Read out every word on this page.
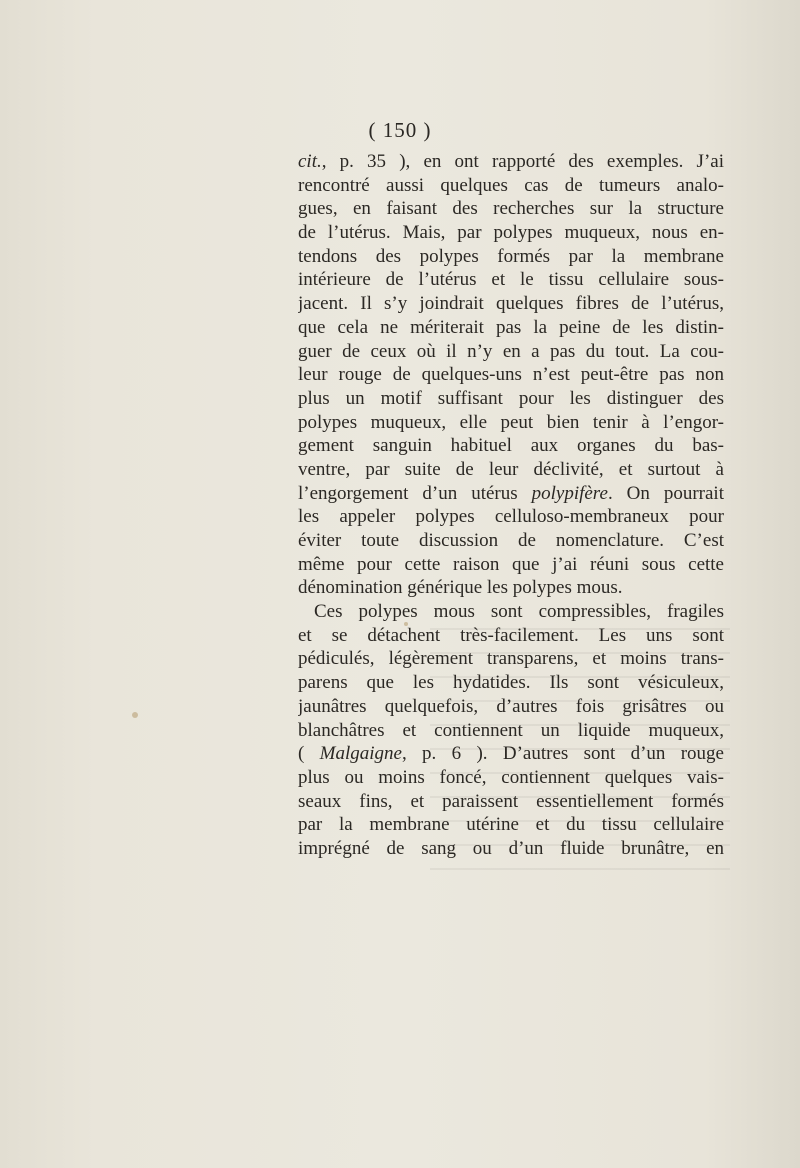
( 150 )
cit., p. 35 ), en ont rapporté des exemples. J’ai
rencontré aussi quelques cas de tumeurs analo-
gues, en faisant des recherches sur la structure
de l’utérus. Mais, par polypes muqueux, nous en-
tendons des polypes formés par la membrane
intérieure de l’utérus et le tissu cellulaire sous-
jacent. Il s’y joindrait quelques fibres de l’utérus,
que cela ne mériterait pas la peine de les distin-
guer de ceux où il n’y en a pas du tout. La cou-
leur rouge de quelques-uns n’est peut-être pas non
plus un motif suffisant pour les distinguer des
polypes muqueux, elle peut bien tenir à l’engor-
gement sanguin habituel aux organes du bas-
ventre, par suite de leur déclivité, et surtout à
l’engorgement d’un utérus polypifère. On pourrait
les appeler polypes celluloso-membraneux pour
éviter toute discussion de nomenclature. C’est
même pour cette raison que j’ai réuni sous cette
dénomination générique les polypes mous.
Ces polypes mous sont compressibles, fragiles
et se détachent très-facilement. Les uns sont
pédiculés, légèrement transparens, et moins trans-
parens que les hydatides. Ils sont vésiculeux,
jaunâtres quelquefois, d’autres fois grisâtres ou
blanchâtres et contiennent un liquide muqueux,
( Malgaigne, p. 6 ). D’autres sont d’un rouge
plus ou moins foncé, contiennent quelques vais-
seaux fins, et paraissent essentiellement formés
par la membrane utérine et du tissu cellulaire
imprégné de sang ou d’un fluide brunâtre, en
